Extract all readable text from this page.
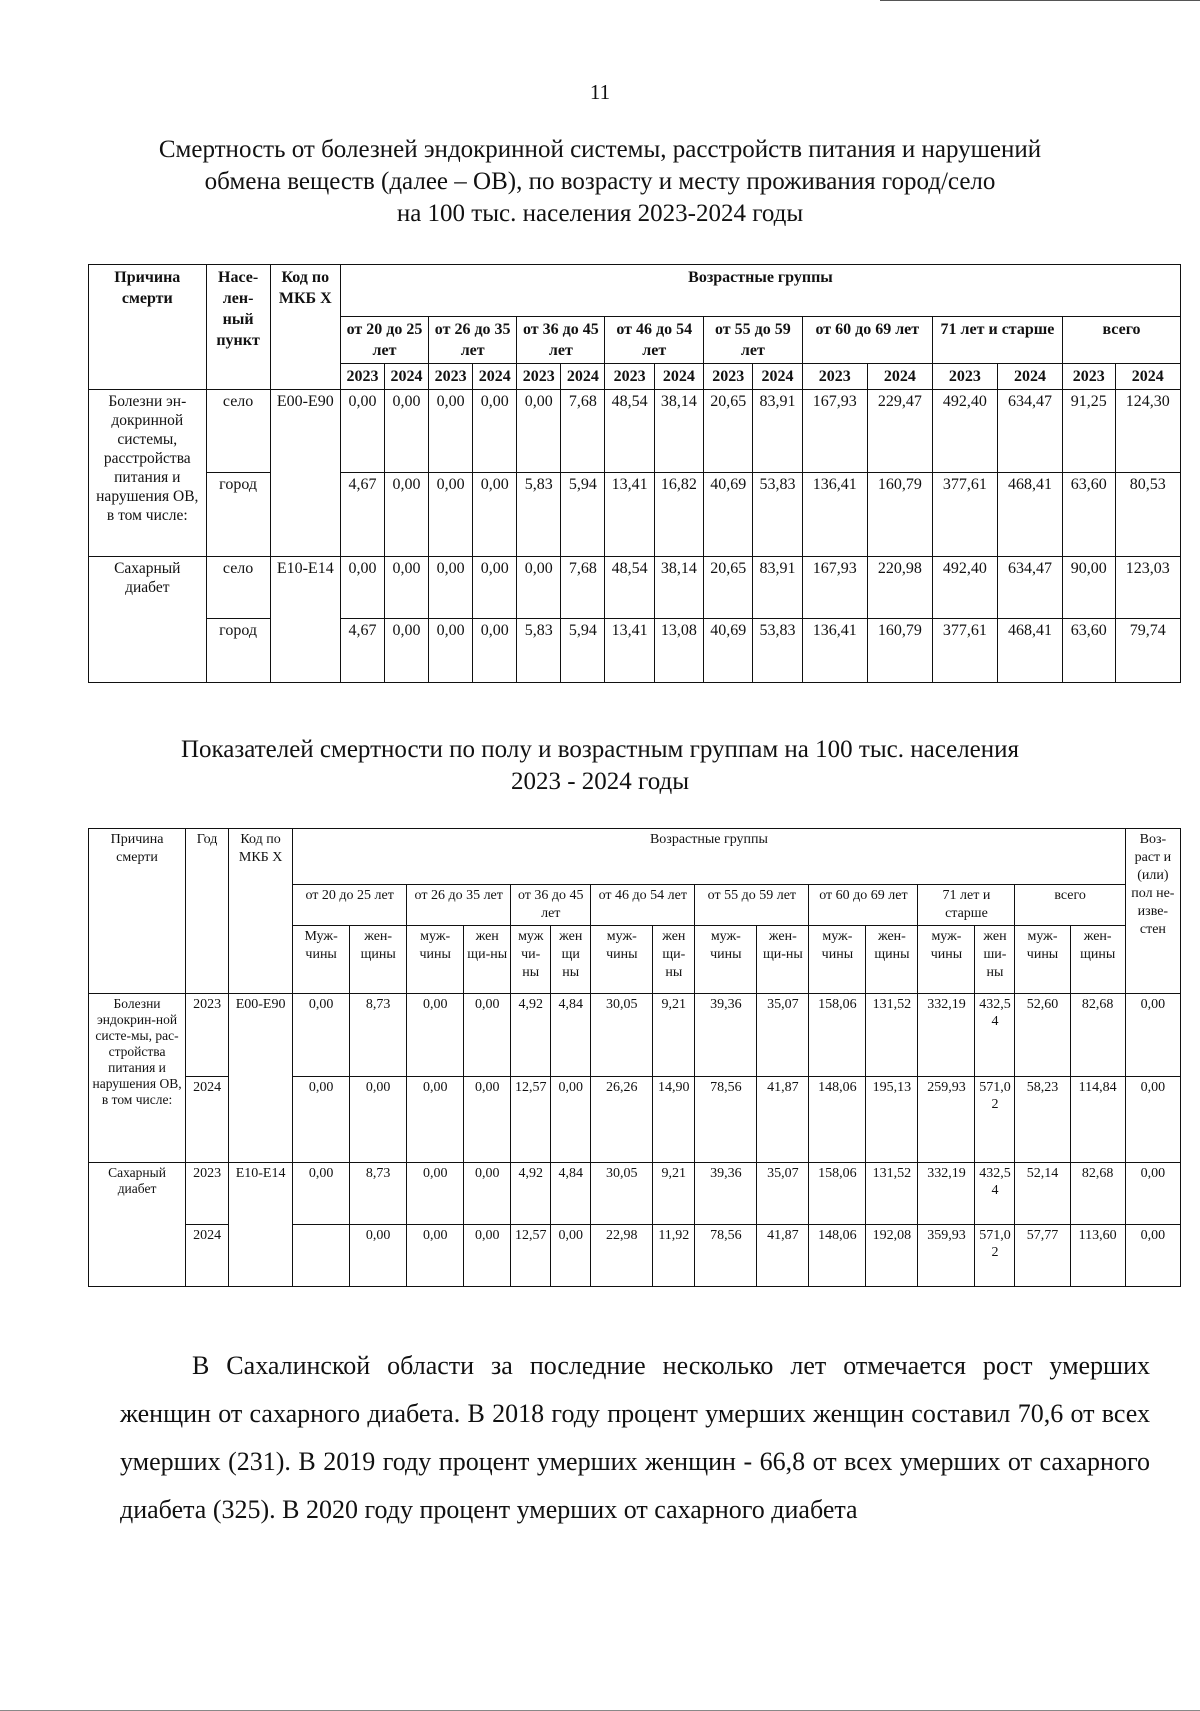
11
Смертность от болезней эндокринной системы, расстройств питания и нарушений
обмена веществ (далее – ОВ), по возрасту и месту проживания город/село
на 100 тыс. населения 2023-2024 годы
Причина смерти	Насе-лен-ный пункт	Код по МКБ Х	Возрастные группы															
			от 20 до 25 лет		от 26 до 35 лет		от 36 до 45 лет		от 46 до 54 лет		от 55 до 59 лет		от 60 до 69 лет		71 лет и старше		всего	
			2023	2024	2023	2024	2023	2024	2023	2024	2023	2024	2023	2024	2023	2024	2023	2024
Болезни эн-докринной системы, расстройства питания и нарушения ОВ, в том числе:	село	Е00-Е90	0,00	0,00	0,00	0,00	0,00	7,68	48,54	38,14	20,65	83,91	167,93	229,47	492,40	634,47	91,25	124,30
	город		4,67	0,00	0,00	0,00	5,83	5,94	13,41	16,82	40,69	53,83	136,41	160,79	377,61	468,41	63,60	80,53
Сахарный диабет	село	Е10-Е14	0,00	0,00	0,00	0,00	0,00	7,68	48,54	38,14	20,65	83,91	167,93	220,98	492,40	634,47	90,00	123,03
	город		4,67	0,00	0,00	0,00	5,83	5,94	13,41	13,08	40,69	53,83	136,41	160,79	377,61	468,41	63,60	79,74
Показателей смертности по полу и возрастным группам на 100 тыс. населения
2023 - 2024 годы
Причина смерти	Год	Код по МКБ Х	Возрастные группы																Воз-раст и (или) пол не-изве-стен
			от 20 до 25 лет		от 26 до 35 лет		от 36 до 45 лет		от 46 до 54 лет		от 55 до 59 лет		от 60 до 69 лет		71 лет и старше		всего		
			Муж-чины	жен-щины	муж-чины	жен щи-ны	муж чи-ны	жен щи ны	муж-чины	жен щи-ны	муж-чины	жен-щи-ны	муж-чины	жен-щины	муж-чины	жен ши-ны	муж-чины	жен-щины	
Болезни эндокрин-ной систе-мы, рас-стройства питания и нарушения ОВ, в том числе:	2023	Е00-Е90	0,00	8,73	0,00	0,00	4,92	4,84	30,05	9,21	39,36	35,07	158,06	131,52	332,19	432,54	52,60	82,68	0,00
	2024		0,00	0,00	0,00	0,00	12,57	0,00	26,26	14,90	78,56	41,87	148,06	195,13	259,93	571,02	58,23	114,84	0,00
Сахарный диабет	2023	Е10-Е14	0,00	8,73	0,00	0,00	4,92	4,84	30,05	9,21	39,36	35,07	158,06	131,52	332,19	432,54	52,14	82,68	0,00
	2024			0,00	0,00	0,00	12,57	0,00	22,98	11,92	78,56	41,87	148,06	192,08	359,93	571,02	57,77	113,60	0,00

В Сахалинской области за последние несколько лет отмечается рост умерших женщин от сахарного диабета. В 2018 году процент умерших женщин составил 70,6 от всех умерших (231). В 2019 году процент умерших женщин - 66,8 от всех умерших от сахарного диабета (325). В 2020 году процент умерших от сахарного диабета
